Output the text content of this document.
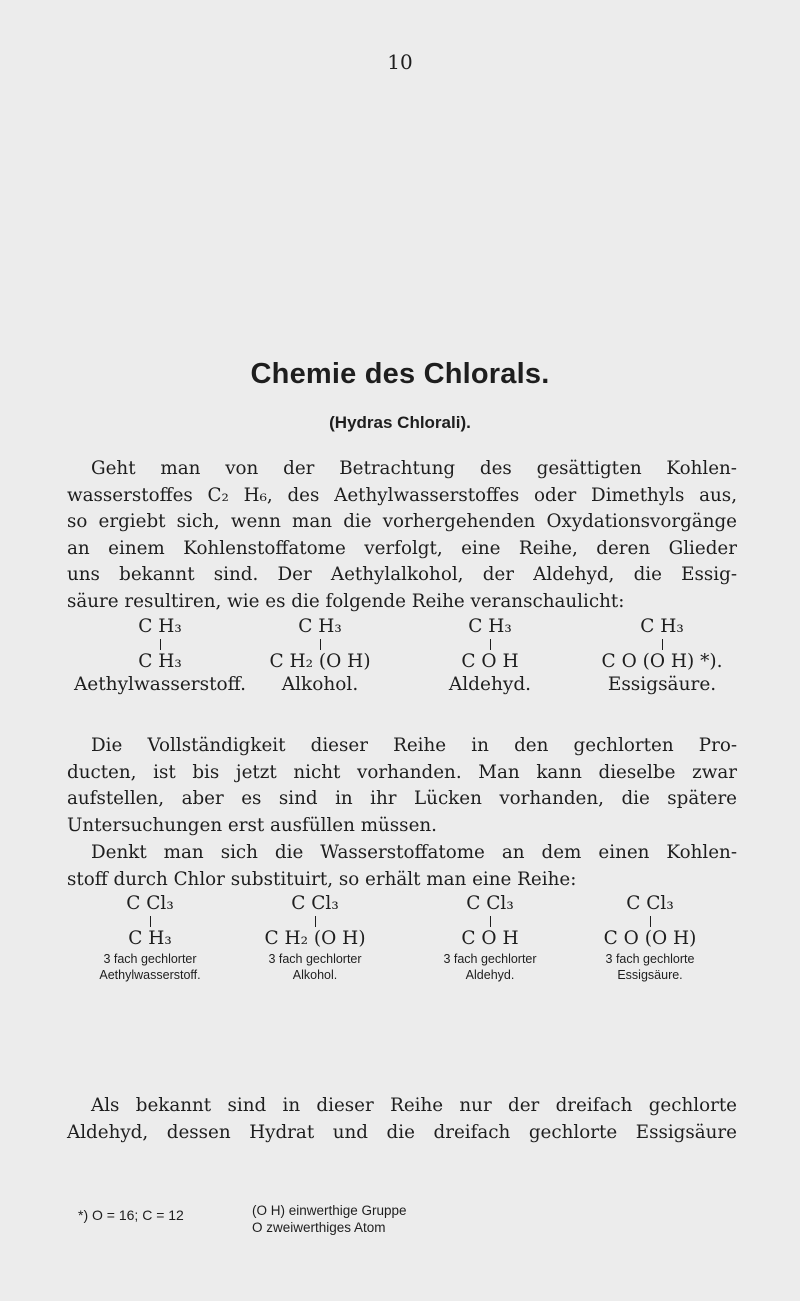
10
Chemie des Chlorals.
(Hydras Chlorali).
Geht man von der Betrachtung des gesättigten Kohlen-
wasserstoffes C₂ H₆, des Aethylwasserstoffes oder Dimethyls aus,
so ergiebt sich, wenn man die vorhergehenden Oxydationsvorgänge
an einem Kohlenstoffatome verfolgt, eine Reihe, deren Glieder
uns bekannt sind. Der Aethylalkohol, der Aldehyd, die Essig-
säure resultiren, wie es die folgende Reihe veranschaulicht:
C H₃
C H₃
Aethylwasserstoff.
C H₃
C H₂ (O H)
Alkohol.
C H₃
C O H
Aldehyd.
C H₃
C O (O H) *).
Essigsäure.
Die Vollständigkeit dieser Reihe in den gechlorten Pro-
ducten, ist bis jetzt nicht vorhanden. Man kann dieselbe zwar
aufstellen, aber es sind in ihr Lücken vorhanden, die spätere
Untersuchungen erst ausfüllen müssen.
Denkt man sich die Wasserstoffatome an dem einen Kohlen-
stoff durch Chlor substituirt, so erhält man eine Reihe:
C Cl₃
C H₃
3 fach gechlorter
Aethylwasserstoff.
C Cl₃
C H₂ (O H)
3 fach gechlorter
Alkohol.
C Cl₃
C O H
3 fach gechlorter
Aldehyd.
C Cl₃
C O (O H)
3 fach gechlorte
Essigsäure.
Als bekannt sind in dieser Reihe nur der dreifach gechlorte
Aldehyd, dessen Hydrat und die dreifach gechlorte Essigsäure
*) O = 16; C = 12	(O H) einwerthige Gruppe
O zweiwerthiges Atom
